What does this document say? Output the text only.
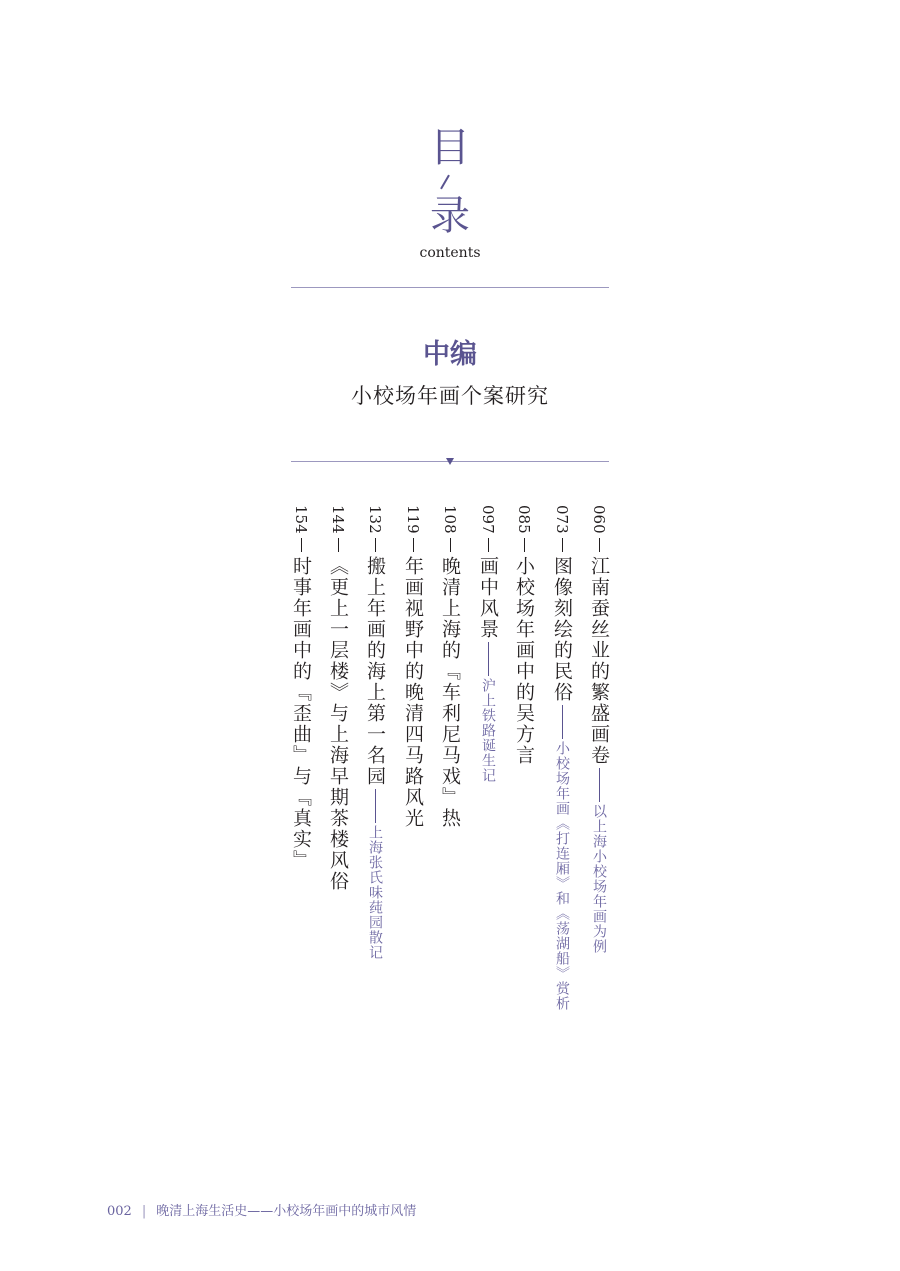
目
录
contents
中编
小校场年画个案研究
060
江南蚕丝业的繁盛画卷
以上海小校场年画为例
073
图像刻绘的民俗
小校场年画《打连厢》和《荡湖船》赏析
085
小校场年画中的吴方言
097
画中风景
沪上铁路诞生记
108
晚清上海的『车利尼马戏』热
119
年画视野中的晚清四马路风光
132
搬上年画的海上第一名园
上海张氏味莼园散记
144
《更上一层楼》与上海早期茶楼风俗
154
时事年画中的『歪曲』与『真实』
002 | 晚清上海生活史——小校场年画中的城市风情
